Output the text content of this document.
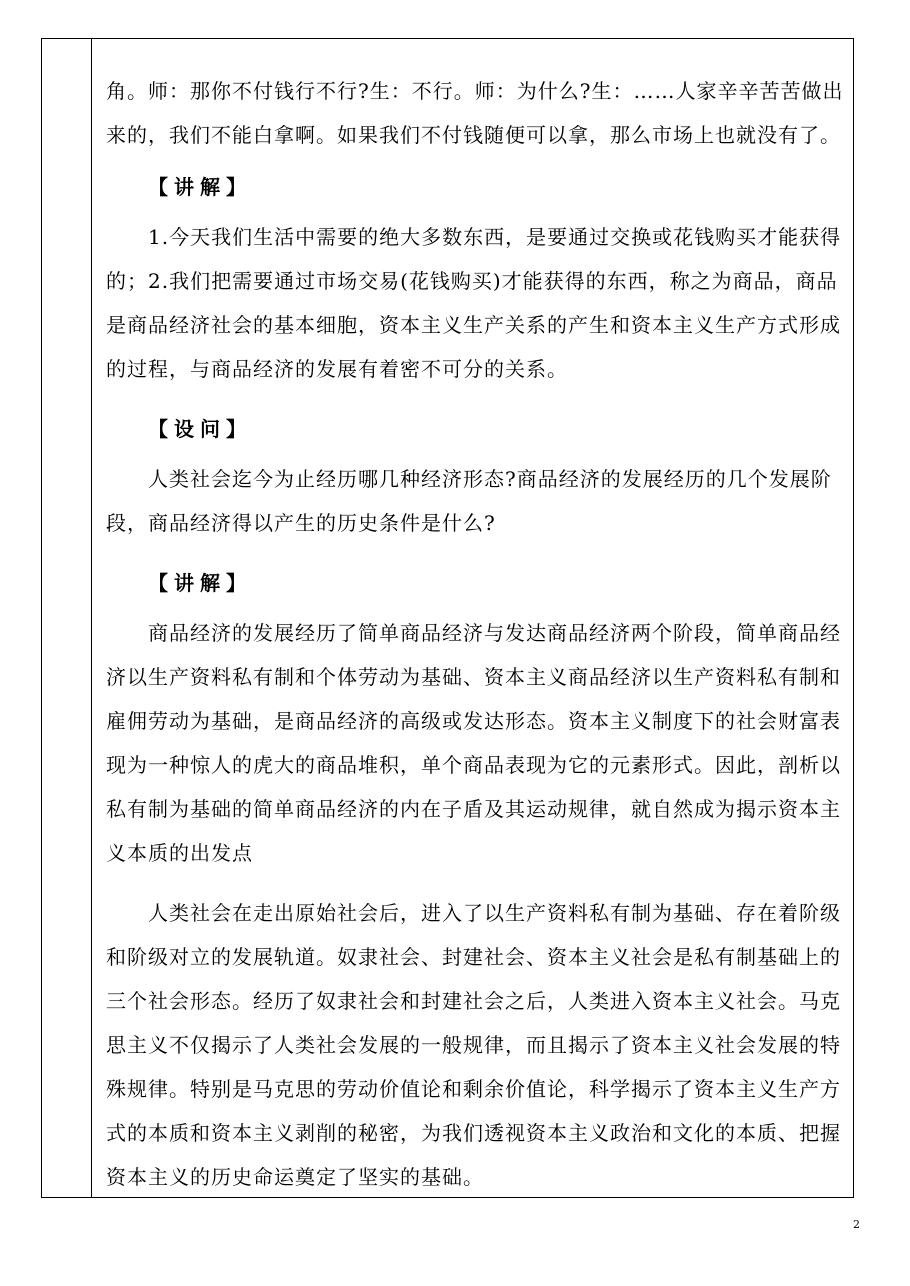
角。师：那你不付钱行不行?生：不行。师：为什么?生：……人家辛辛苦苦做出来的，我们不能白拿啊。如果我们不付钱随便可以拿，那么市场上也就没有了。

【讲解】

1.今天我们生活中需要的绝大多数东西，是要通过交换或花钱购买才能获得的；2.我们把需要通过市场交易(花钱购买)才能获得的东西，称之为商品，商品是商品经济社会的基本细胞，资本主义生产关系的产生和资本主义生产方式形成的过程，与商品经济的发展有着密不可分的关系。

【设问】

人类社会迄今为止经历哪几种经济形态?商品经济的发展经历的几个发展阶段，商品经济得以产生的历史条件是什么?

【讲解】

商品经济的发展经历了简单商品经济与发达商品经济两个阶段，简单商品经济以生产资料私有制和个体劳动为基础、资本主义商品经济以生产资料私有制和雇佣劳动为基础，是商品经济的高级或发达形态。资本主义制度下的社会财富表现为一种惊人的虎大的商品堆积，单个商品表现为它的元素形式。因此，剖析以私有制为基础的简单商品经济的内在子盾及其运动规律，就自然成为揭示资本主义本质的出发点

人类社会在走出原始社会后，进入了以生产资料私有制为基础、存在着阶级和阶级对立的发展轨道。奴隶社会、封建社会、资本主义社会是私有制基础上的三个社会形态。经历了奴隶社会和封建社会之后，人类进入资本主义社会。马克思主义不仅揭示了人类社会发展的一般规律，而且揭示了资本主义社会发展的特殊规律。特别是马克思的劳动价值论和剩余价值论，科学揭示了资本主义生产方式的本质和资本主义剥削的秘密，为我们透视资本主义政治和文化的本质、把握资本主义的历史命运奠定了坚实的基础。

2
